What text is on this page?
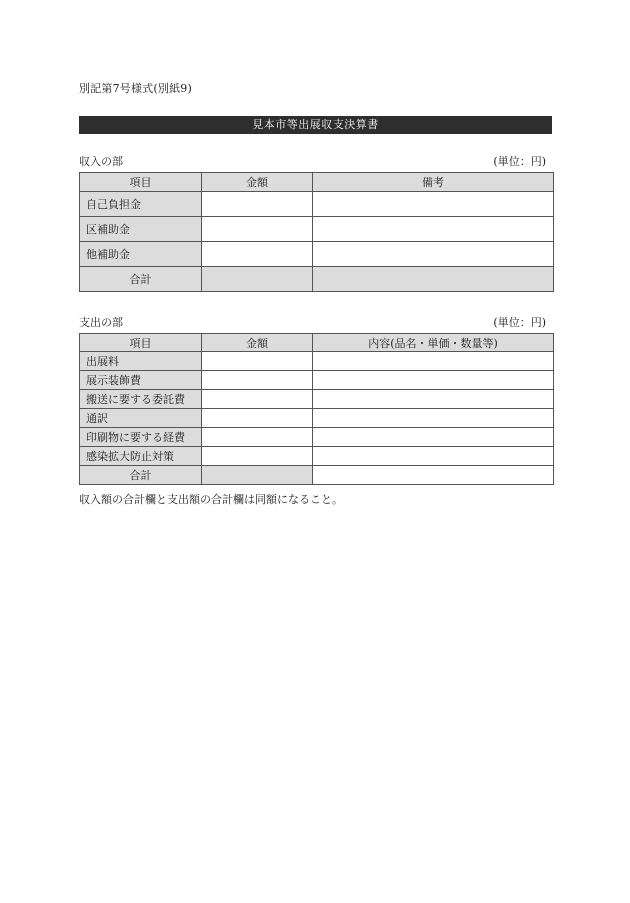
別記第7号様式(別紙9)
見本市等出展収支決算書
収入の部	(単位：円)
項目	金額	備考
自己負担金		
区補助金		
他補助金		
合計		
支出の部	(単位：円)
項目	金額	内容(品名・単価・数量等)
出展料		
展示装飾費		
搬送に要する委託費		
通訳		
印刷物に要する経費		
感染拡大防止対策		
合計		
収入額の合計欄と支出額の合計欄は同額になること。
